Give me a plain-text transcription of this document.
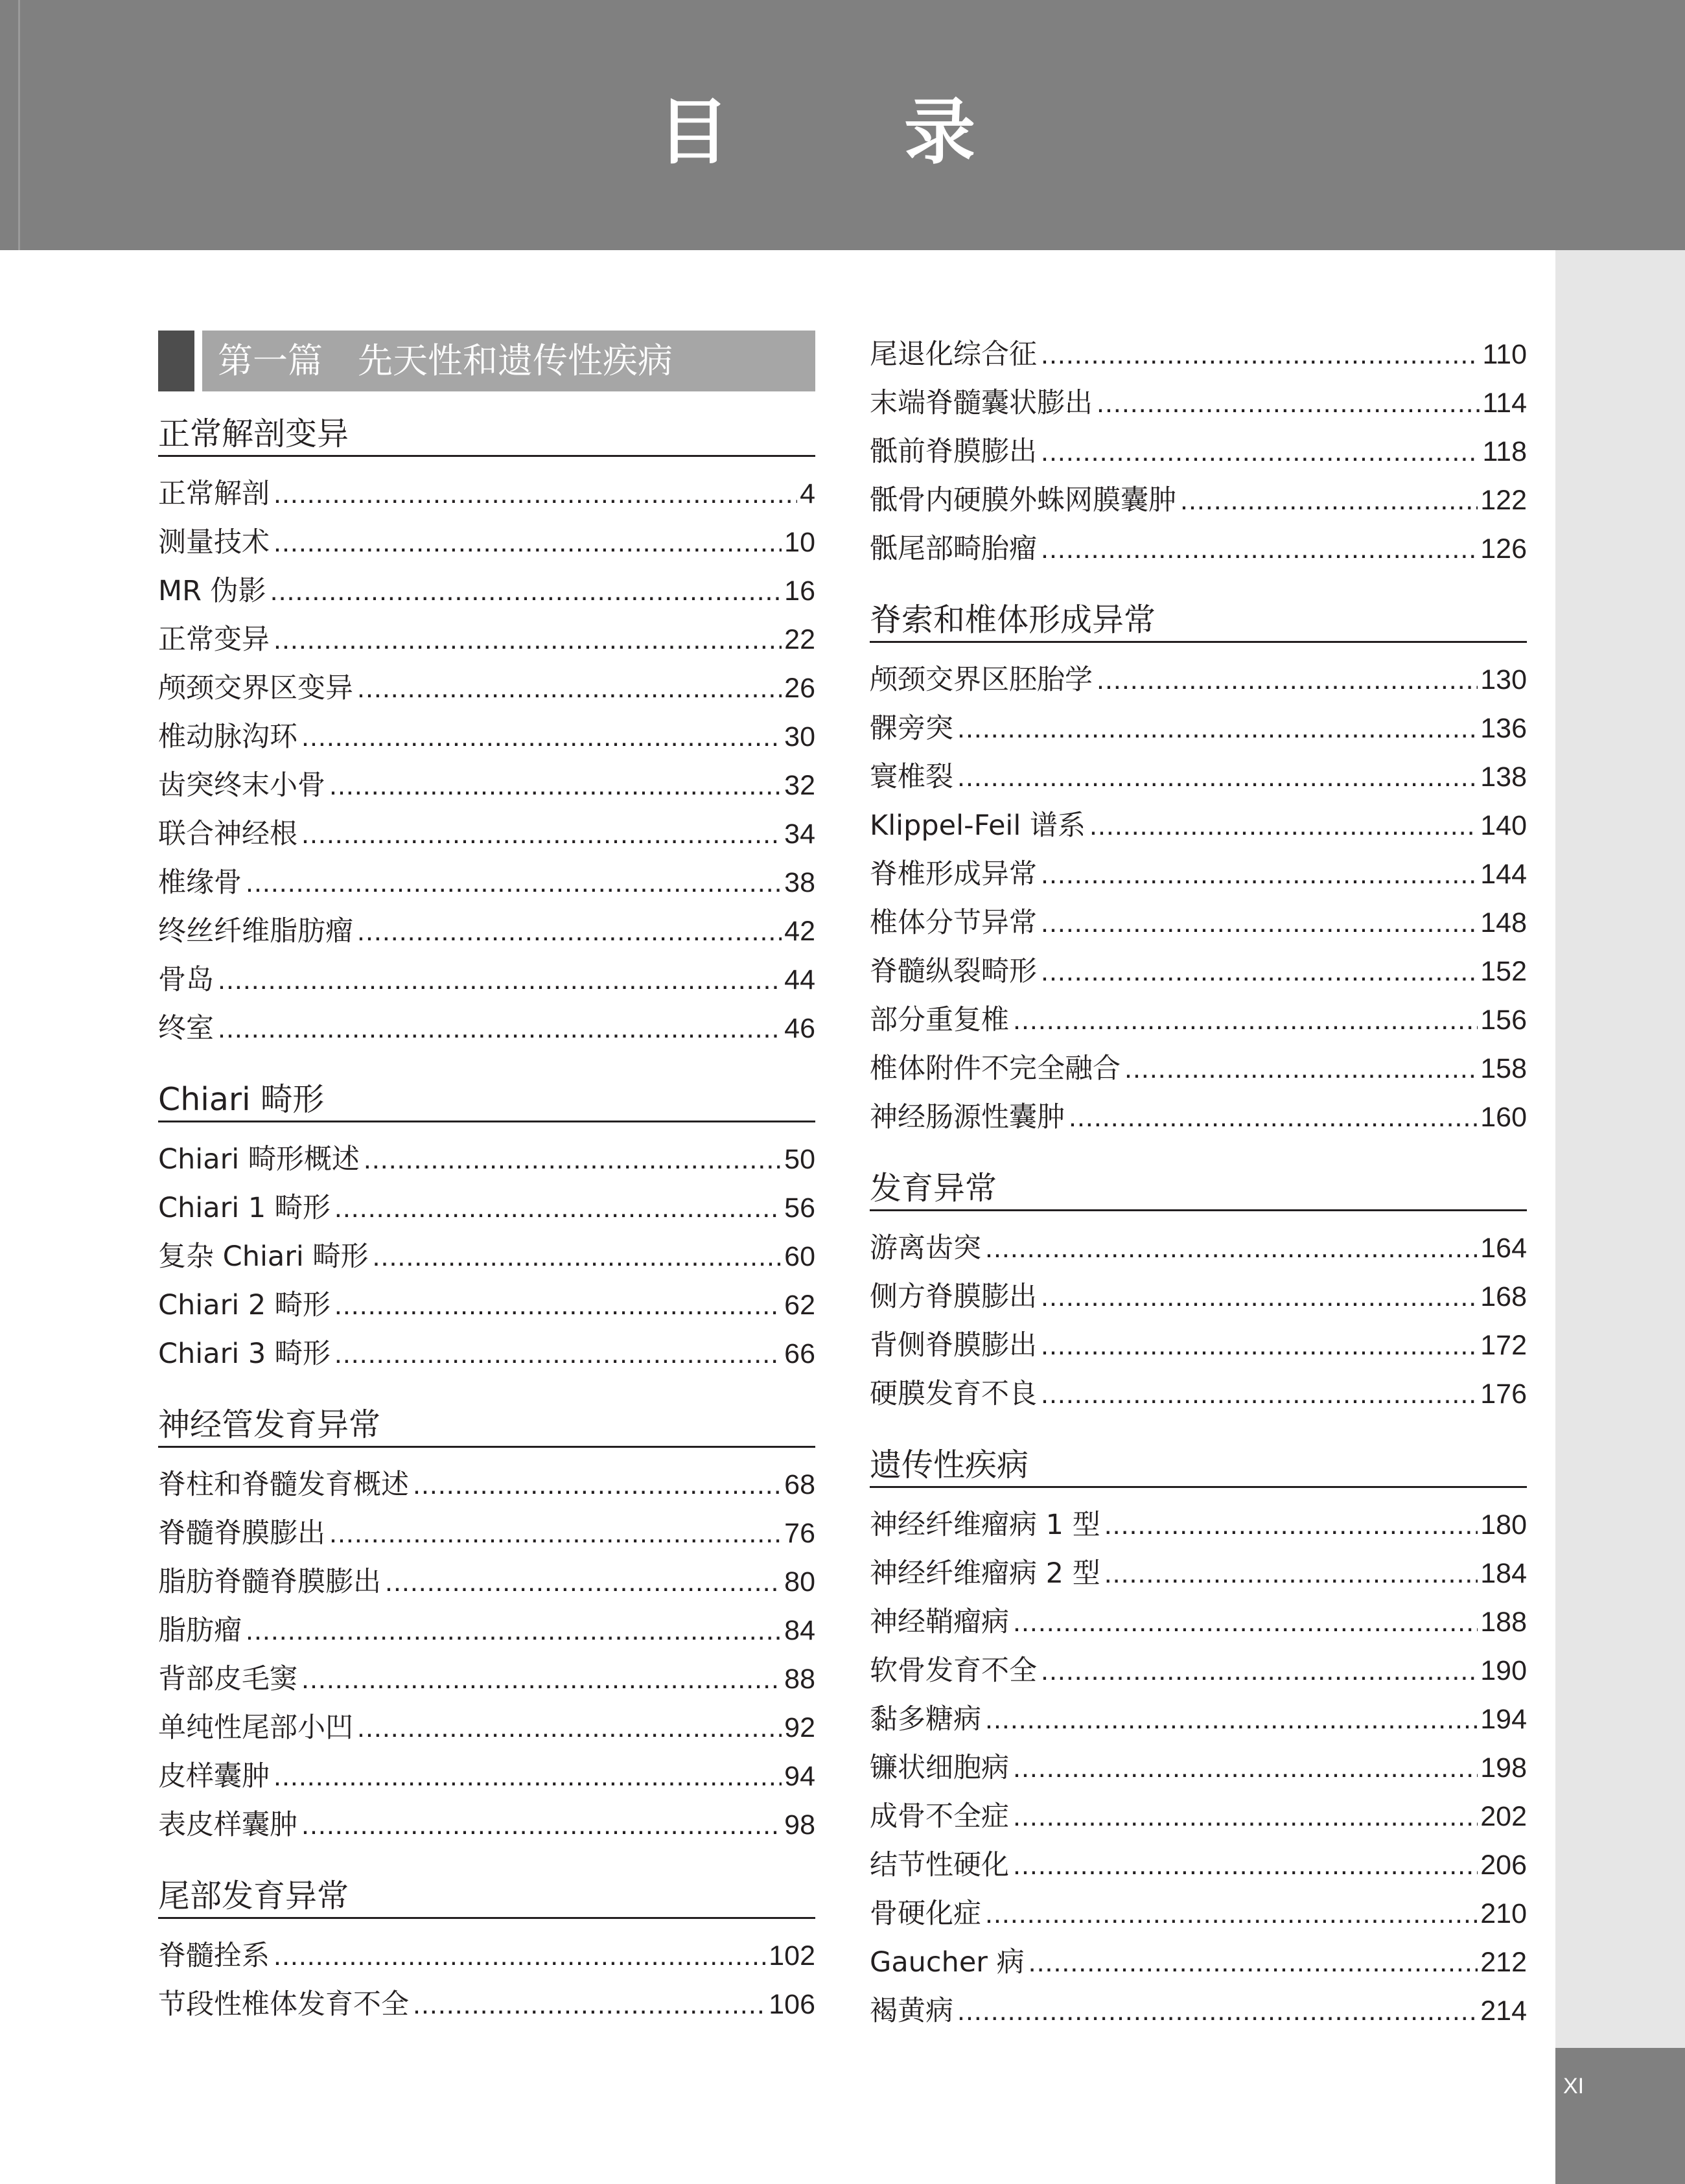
目　录
XI
第一篇　先天性和遗传性疾病
正常解剖变异
正常解剖 .....	4
测量技术 .....	10
MR 伪影 .....	16
正常变异 .....	22
颅颈交界区变异 .....	26
椎动脉沟环 .....	30
齿突终末小骨 .....	32
联合神经根 .....	34
椎缘骨 .....	38
终丝纤维脂肪瘤 .....	42
骨岛 .....	44
终室 .....	46
Chiari 畸形
Chiari 畸形概述 .....	50
Chiari 1 畸形 .....	56
复杂 Chiari 畸形 .....	60
Chiari 2 畸形 .....	62
Chiari 3 畸形 .....	66
神经管发育异常
脊柱和脊髓发育概述 .....	68
脊髓脊膜膨出 .....	76
脂肪脊髓脊膜膨出 .....	80
脂肪瘤 .....	84
背部皮毛窦 .....	88
单纯性尾部小凹 .....	92
皮样囊肿 .....	94
表皮样囊肿 .....	98
尾部发育异常
脊髓拴系 .....	102
节段性椎体发育不全 .....	106
尾退化综合征 .....	110
末端脊髓囊状膨出 .....	114
骶前脊膜膨出 .....	118
骶骨内硬膜外蛛网膜囊肿 .....	122
骶尾部畸胎瘤 .....	126
脊索和椎体形成异常
颅颈交界区胚胎学 .....	130
髁旁突 .....	136
寰椎裂 .....	138
Klippel-Feil 谱系 .....	140
脊椎形成异常 .....	144
椎体分节异常 .....	148
脊髓纵裂畸形 .....	152
部分重复椎 .....	156
椎体附件不完全融合 .....	158
神经肠源性囊肿 .....	160
发育异常
游离齿突 .....	164
侧方脊膜膨出 .....	168
背侧脊膜膨出 .....	172
硬膜发育不良 .....	176
遗传性疾病
神经纤维瘤病 1 型 .....	180
神经纤维瘤病 2 型 .....	184
神经鞘瘤病 .....	188
软骨发育不全 .....	190
黏多糖病 .....	194
镰状细胞病 .....	198
成骨不全症 .....	202
结节性硬化 .....	206
骨硬化症 .....	210
Gaucher 病 .....	212
褐黄病 .....	214
